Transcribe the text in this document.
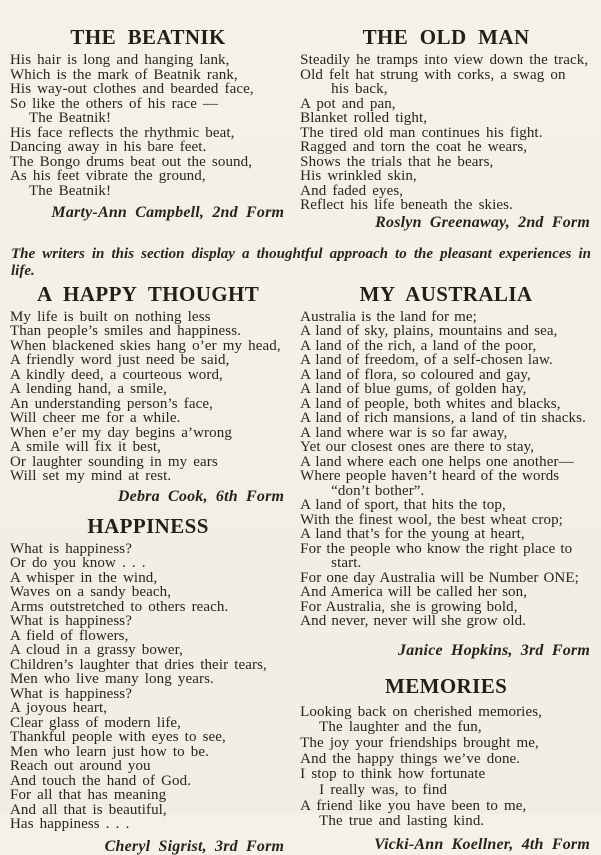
THE BEATNIK

His hair is long and hanging lank,

Which is the mark of Beatnik rank,

His way-out clothes and bearded face,

So like the others of his race —

The Beatnik!

His face reflects the rhythmic beat,

Dancing away in his bare feet.

The Bongo drums beat out the sound,

As his feet vibrate the ground,

The Beatnik!

Marty-Ann Campbell, 2nd Form

THE OLD MAN

Steadily he tramps into view down the track,

Old felt hat strung with corks, a swag on

his back,

A pot and pan,

Blanket rolled tight,

The tired old man continues his fight.

Ragged and torn the coat he wears,

Shows the trials that he bears,

His wrinkled skin,

And faded eyes,

Reflect his life beneath the skies.

Roslyn Greenaway, 2nd Form

The writers in this section display a thoughtful approach to the pleasant experiences in life.

A HAPPY THOUGHT

My life is built on nothing less

Than people’s smiles and happiness.

When blackened skies hang o’er my head,

A friendly word just need be said,

A kindly deed, a courteous word,

A lending hand, a smile,

An understanding person’s face,

Will cheer me for a while.

When e’er my day begins a’wrong

A smile will fix it best,

Or laughter sounding in my ears

Will set my mind at rest.

Debra Cook, 6th Form

HAPPINESS

What is happiness?

Or do you know . . .

A whisper in the wind,

Waves on a sandy beach,

Arms outstretched to others reach.

What is happiness?

A field of flowers,

A cloud in a grassy bower,

Children’s laughter that dries their tears,

Men who live many long years.

What is happiness?

A joyous heart,

Clear glass of modern life,

Thankful people with eyes to see,

Men who learn just how to be.

Reach out around you

And touch the hand of God.

For all that has meaning

And all that is beautiful,

Has happiness . . .

Cheryl Sigrist, 3rd Form

MY AUSTRALIA

Australia is the land for me;

A land of sky, plains, mountains and sea,

A land of the rich, a land of the poor,

A land of freedom, of a self-chosen law.

A land of flora, so coloured and gay,

A land of blue gums, of golden hay,

A land of people, both whites and blacks,

A land of rich mansions, a land of tin shacks.

A land where war is so far away,

Yet our closest ones are there to stay,

A land where each one helps one another—

Where people haven’t heard of the words

“don’t bother”.

A land of sport, that hits the top,

With the finest wool, the best wheat crop;

A land that’s for the young at heart,

For the people who know the right place to

start.

For one day Australia will be Number ONE;

And America will be called her son,

For Australia, she is growing bold,

And never, never will she grow old.

Janice Hopkins, 3rd Form

MEMORIES

Looking back on cherished memories,

The laughter and the fun,

The joy your friendships brought me,

And the happy things we’ve done.

I stop to think how fortunate

I really was, to find

A friend like you have been to me,

The true and lasting kind.

Vicki-Ann Koellner, 4th Form
